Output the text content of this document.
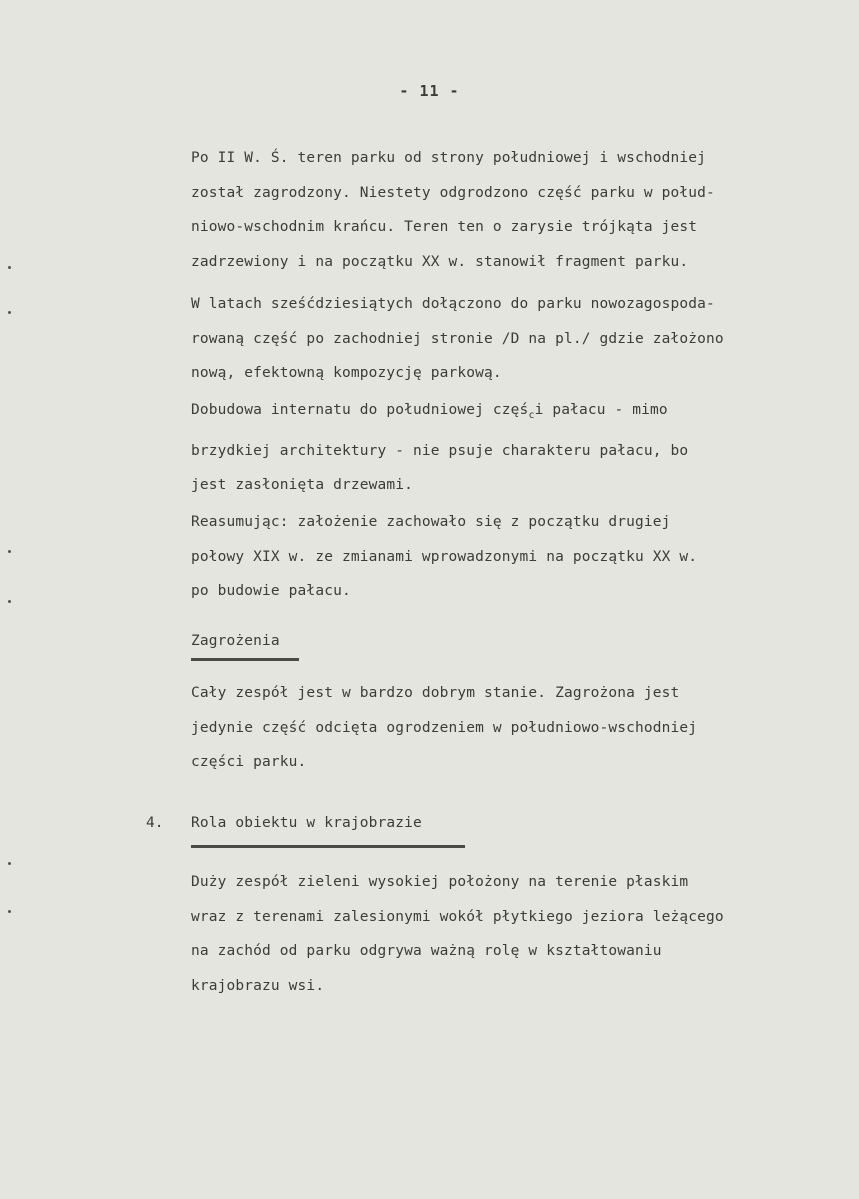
- 11 -
Po II W. Ś. teren parku od strony południowej i wschodniej
został zagrodzony. Niestety odgrodzono część parku w połud-
niowo-wschodnim krańcu. Teren ten o zarysie trójkąta jest
zadrzewiony i na początku XX w. stanowił fragment parku.
W latach sześćdziesiątych dołączono do parku nowozagospoda-
rowaną część po zachodniej stronie /D na pl./ gdzie założono
nową, efektowną kompozycję parkową.
Dobudowa internatu do południowej częś$_c$i pałacu - mimo
brzydkiej architektury - nie psuje charakteru pałacu, bo
jest zasłonięta drzewami.
Reasumując: założenie zachowało się z początku drugiej
połowy XIX w. ze zmianami wprowadzonymi na początku XX w.
po budowie pałacu.
Zagrożenia
Cały zespół jest w bardzo dobrym stanie. Zagrożona jest
jedynie część odcięta ogrodzeniem w południowo-wschodniej
części parku.
4. Rola obiektu w krajobrazie
Duży zespół zieleni wysokiej położony na terenie płaskim
wraz z terenami zalesionymi wokół płytkiego jeziora leżącego
na zachód od parku odgrywa ważną rolę w kształtowaniu
krajobrazu wsi.
